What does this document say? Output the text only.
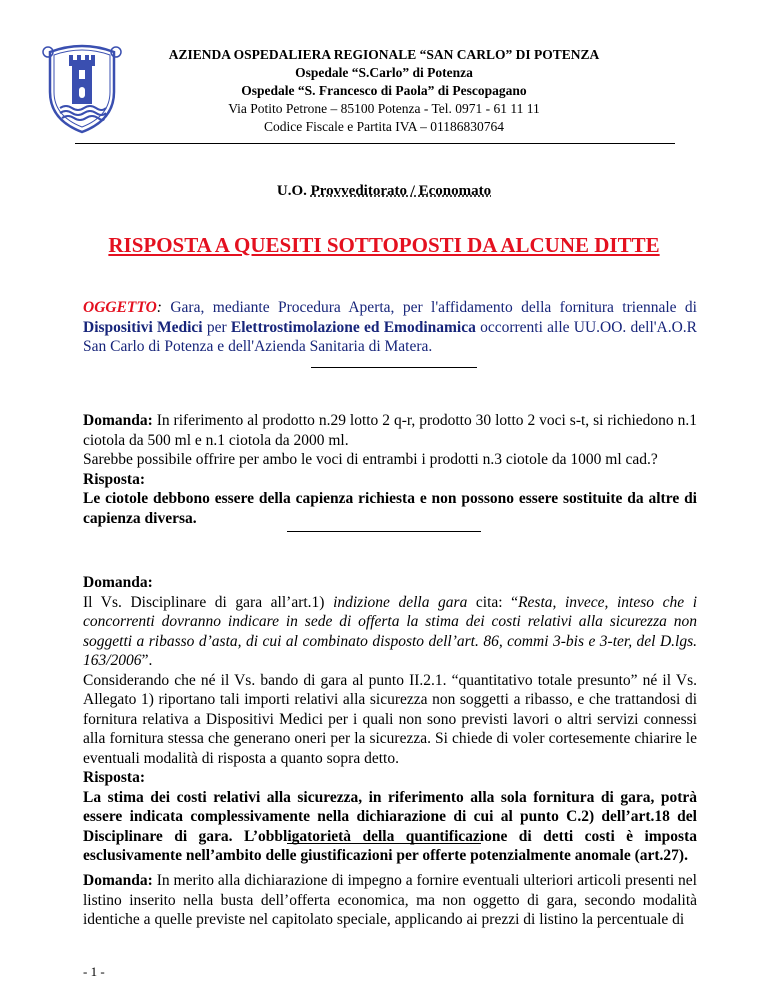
AZIENDA OSPEDALIERA REGIONALE “SAN CARLO” DI POTENZA
Ospedale “S.Carlo” di Potenza
Ospedale “S. Francesco di Paola” di Pescopagano
Via Potito Petrone – 85100 Potenza - Tel. 0971 - 61 11 11
Codice Fiscale e Partita IVA – 01186830764
U.O. Provveditorato / Economato
RISPOSTA A QUESITI SOTTOPOSTI DA ALCUNE DITTE
OGGETTO: Gara, mediante Procedura Aperta, per l'affidamento della fornitura triennale di Dispositivi Medici per Elettrostimolazione ed Emodinamica occorrenti alle UU.OO. dell'A.O.R San Carlo di Potenza e dell'Azienda Sanitaria di Matera.
Domanda: In riferimento al prodotto n.29 lotto 2 q-r, prodotto 30 lotto 2 voci s-t, si richiedono n.1 ciotola da 500 ml e n.1 ciotola da 2000 ml.
Sarebbe possibile offrire per ambo le voci di entrambi i prodotti n.3 ciotole da 1000 ml cad.?
Risposta:
Le ciotole debbono essere della capienza richiesta e non possono essere sostituite da altre di capienza diversa.
Domanda:
Il Vs. Disciplinare di gara all’art.1) indizione della gara cita: “Resta, invece, inteso che i concorrenti dovranno indicare in sede di offerta la stima dei costi relativi alla sicurezza non soggetti a ribasso d’asta, di cui al combinato disposto dell’art. 86, commi 3-bis e 3-ter, del D.lgs. 163/2006”.
Considerando che né il Vs. bando di gara al punto II.2.1. “quantitativo totale presunto” né il Vs. Allegato 1) riportano tali importi relativi alla sicurezza non soggetti a ribasso, e che trattandosi di fornitura relativa a Dispositivi Medici per i quali non sono previsti lavori o altri servizi connessi alla fornitura stessa che generano oneri per la sicurezza. Si chiede di voler cortesemente chiarire le eventuali modalità di risposta a quanto sopra detto.
Risposta:
La stima dei costi relativi alla sicurezza, in riferimento alla sola fornitura di gara, potrà essere indicata complessivamente nella dichiarazione di cui al punto C.2) dell’art.18 del Disciplinare di gara. L’obbligatorietà della quantificazione di detti costi è imposta esclusivamente nell’ambito delle giustificazioni per offerte potenzialmente anomale (art.27).
Domanda: In merito alla dichiarazione di impegno a fornire eventuali ulteriori articoli presenti nel listino inserito nella busta dell’offerta economica, ma non oggetto di gara, secondo modalità identiche a quelle previste nel capitolato speciale, applicando ai prezzi di listino la percentuale di
- 1 -
